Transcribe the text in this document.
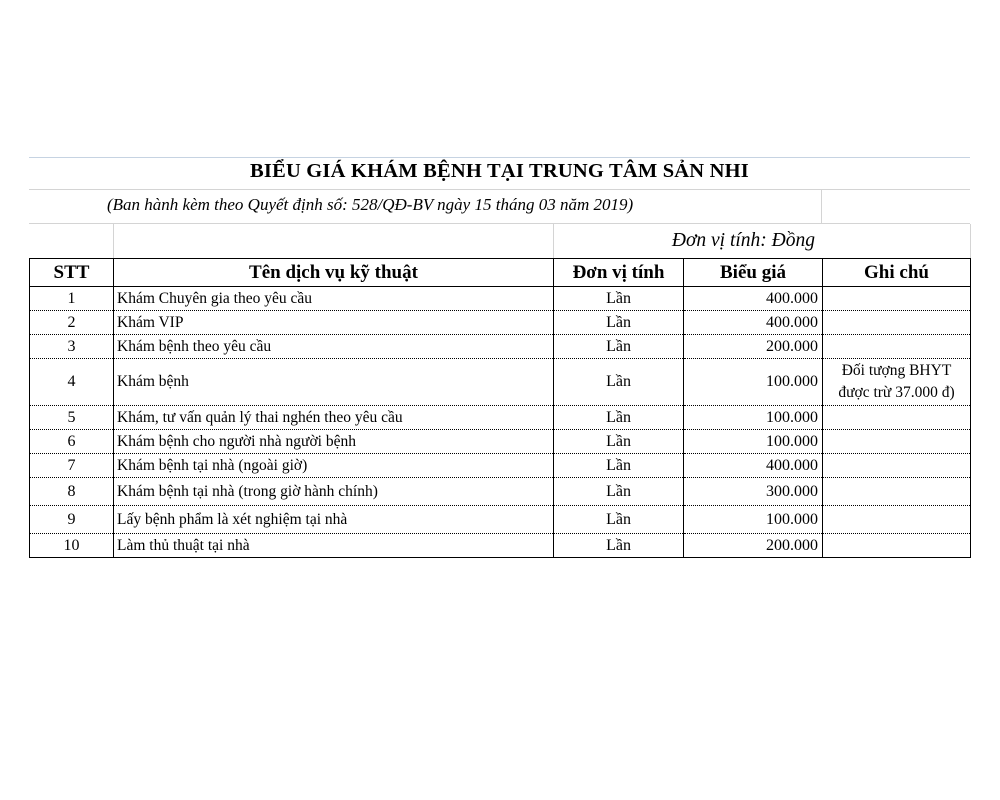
BIỂU GIÁ KHÁM BỆNH TẠI TRUNG TÂM SẢN NHI
(Ban hành kèm theo Quyết định số: 528/QĐ-BV ngày 15 tháng 03 năm 2019)
Đơn vị tính: Đồng
STT	Tên dịch vụ kỹ thuật	Đơn vị tính	Biểu giá	Ghi chú
1	Khám Chuyên gia theo yêu cầu	Lần	400.000	
2	Khám VIP	Lần	400.000	
3	Khám bệnh theo yêu cầu	Lần	200.000	
4	Khám bệnh	Lần	100.000	Đối tượng BHYT được trừ 37.000 đ)
5	Khám, tư vấn quản lý thai nghén theo yêu cầu	Lần	100.000	
6	Khám bệnh cho người nhà người bệnh	Lần	100.000	
7	Khám bệnh tại nhà (ngoài giờ)	Lần	400.000	
8	Khám bệnh tại nhà (trong giờ hành chính)	Lần	300.000	
9	Lấy bệnh phẩm là xét nghiệm tại nhà	Lần	100.000	
10	Làm thủ thuật tại nhà	Lần	200.000	
